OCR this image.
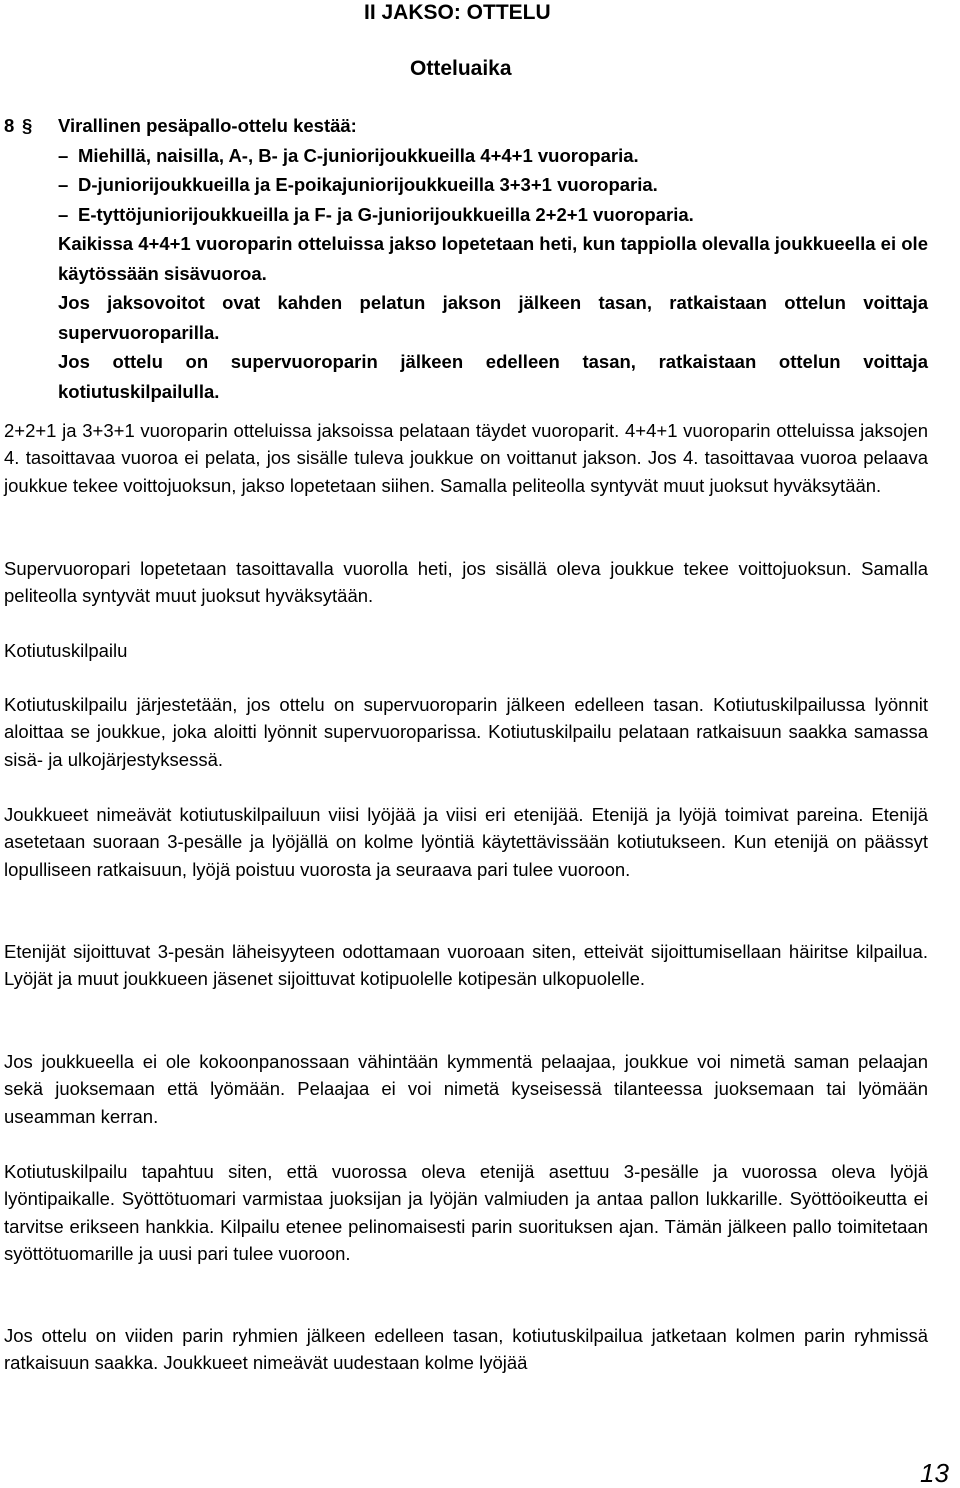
II JAKSO: OTTELU
Otteluaika
8 §	Virallinen pesäpallo-ottelu kestää:
– Miehillä, naisilla, A-, B- ja C-juniorijoukkueilla 4+4+1 vuoroparia.
– D-juniorijoukkueilla ja E-poikajuniorijoukkueilla 3+3+1 vuoroparia.
– E-tyttöjuniorijoukkueilla ja F- ja G-juniorijoukkueilla 2+2+1 vuoroparia.
Kaikissa 4+4+1 vuoroparin otteluissa jakso lopetetaan heti, kun tappiolla olevalla joukkueella ei ole käytössään sisävuoroa.
Jos jaksovoitot ovat kahden pelatun jakson jälkeen tasan, ratkaistaan ottelun voittaja supervuoroparilla.
Jos ottelu on supervuoroparin jälkeen edelleen tasan, ratkaistaan ottelun voittaja kotiutuskilpailulla.
2+2+1 ja 3+3+1 vuoroparin otteluissa jaksoissa pelataan täydet vuoroparit. 4+4+1 vuoroparin otteluissa jaksojen 4. tasoittavaa vuoroa ei pelata, jos sisälle tuleva joukkue on voittanut jakson. Jos 4. tasoittavaa vuoroa pelaava joukkue tekee voittojuoksun, jakso lopetetaan siihen. Samalla peliteolla syntyvät muut juoksut hyväksytään.
Supervuoropari lopetetaan tasoittavalla vuorolla heti, jos sisällä oleva joukkue tekee voittojuoksun. Samalla peliteolla syntyvät muut juoksut hyväksytään.
Kotiutuskilpailu
Kotiutuskilpailu järjestetään, jos ottelu on supervuoroparin jälkeen edelleen tasan. Kotiutuskilpailussa lyönnit aloittaa se joukkue, joka aloitti lyönnit supervuoroparissa. Kotiutuskilpailu pelataan ratkaisuun saakka samassa sisä- ja ulkojärjestyksessä.
Joukkueet nimeävät kotiutuskilpailuun viisi lyöjää ja viisi eri etenijää. Etenijä ja lyöjä toimivat pareina. Etenijä asetetaan suoraan 3-pesälle ja lyöjällä on kolme lyöntiä käytettävissään kotiutukseen. Kun etenijä on päässyt lopulliseen ratkaisuun, lyöjä poistuu vuorosta ja seuraava pari tulee vuoroon.
Etenijät sijoittuvat 3-pesän läheisyyteen odottamaan vuoroaan siten, etteivät sijoittumisellaan häiritse kilpailua. Lyöjät ja muut joukkueen jäsenet sijoittuvat kotipuolelle kotipesän ulkopuolelle.
Jos joukkueella ei ole kokoonpanossaan vähintään kymmentä pelaajaa, joukkue voi nimetä saman pelaajan sekä juoksemaan että lyömään. Pelaajaa ei voi nimetä kyseisessä tilanteessa juoksemaan tai lyömään useamman kerran.
Kotiutuskilpailu tapahtuu siten, että vuorossa oleva etenijä asettuu 3-pesälle ja vuorossa oleva lyöjä lyöntipaikalle. Syöttötuomari varmistaa juoksijan ja lyöjän valmiuden ja antaa pallon lukkarille. Syöttöoikeutta ei tarvitse erikseen hankkia. Kilpailu etenee pelinomaisesti parin suorituksen ajan. Tämän jälkeen pallo toimitetaan syöttötuomarille ja uusi pari tulee vuoroon.
Jos ottelu on viiden parin ryhmien jälkeen edelleen tasan, kotiutuskilpailua jatketaan kolmen parin ryhmissä ratkaisuun saakka. Joukkueet nimeävät uudestaan kolme lyöjää
13
